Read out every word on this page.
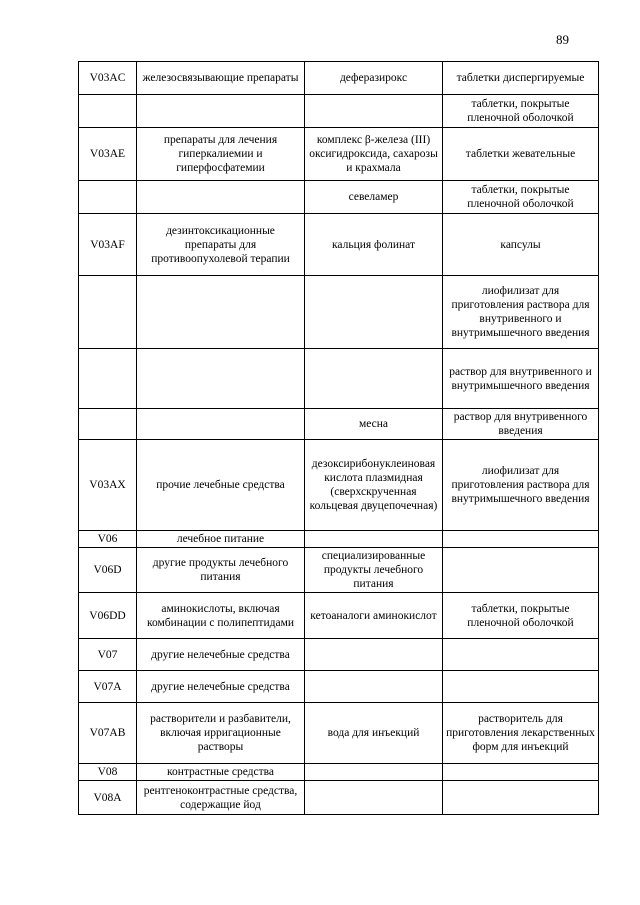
89
V03AC	железосвязывающие препараты	деферазирокс	таблетки диспергируемые
			таблетки, покрытые пленочной оболочкой
V03AE	препараты для лечения гиперкалиемии и гиперфосфатемии	комплекс β-железа (III) оксигидроксида, сахарозы и крахмала	таблетки жевательные
		севеламер	таблетки, покрытые пленочной оболочкой
V03AF	дезинтоксикационные препараты для противоопухолевой терапии	кальция фолинат	капсулы
			лиофилизат для приготовления раствора для внутривенного и внутримышечного введения
			раствор для внутривенного и внутримышечного введения
		месна	раствор для внутривенного введения
V03AX	прочие лечебные средства	дезоксирибонуклеиновая кислота плазмидная (сверхскрученная кольцевая двуцепочечная)	лиофилизат для приготовления раствора для внутримышечного введения
V06	лечебное питание		
V06D	другие продукты лечебного питания	специализированные продукты лечебного питания	
V06DD	аминокислоты, включая комбинации с полипептидами	кетоаналоги аминокислот	таблетки, покрытые пленочной оболочкой
V07	другие нелечебные средства		
V07A	другие нелечебные средства		
V07AB	растворители и разбавители, включая ирригационные растворы	вода для инъекций	растворитель для приготовления лекарственных форм для инъекций
V08	контрастные средства		
V08A	рентгеноконтрастные средства, содержащие йод		
